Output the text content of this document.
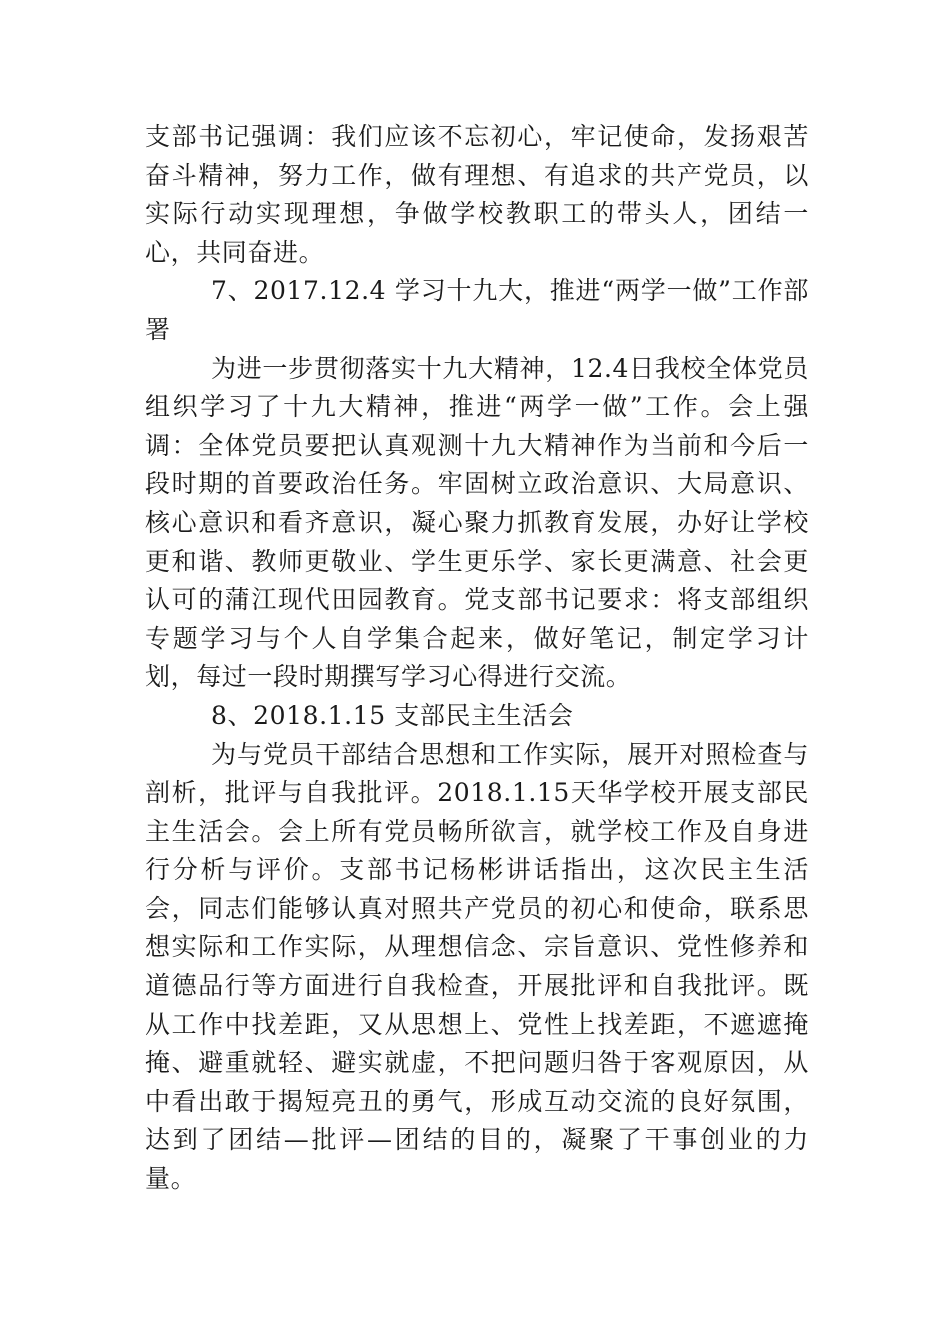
支部书记强调：我们应该不忘初心，牢记使命，发扬艰苦奋斗精神，努力工作，做有理想、有追求的共产党员，以实际行动实现理想，争做学校教职工的带头人，团结一心，共同奋进。

7、2017.12.4 学习十九大，推进“两学一做”工作部署

为进一步贯彻落实十九大精神，12.4日我校全体党员组织学习了十九大精神，推进“两学一做”工作。会上强调：全体党员要把认真观测十九大精神作为当前和今后一段时期的首要政治任务。牢固树立政治意识、大局意识、核心意识和看齐意识，凝心聚力抓教育发展，办好让学校更和谐、教师更敬业、学生更乐学、家长更满意、社会更认可的蒲江现代田园教育。党支部书记要求：将支部组织专题学习与个人自学集合起来，做好笔记，制定学习计划，每过一段时期撰写学习心得进行交流。

8、2018.1.15 支部民主生活会

为与党员干部结合思想和工作实际，展开对照检查与剖析，批评与自我批评。2018.1.15天华学校开展支部民主生活会。会上所有党员畅所欲言，就学校工作及自身进行分析与评价。支部书记杨彬讲话指出，这次民主生活会，同志们能够认真对照共产党员的初心和使命，联系思想实际和工作实际，从理想信念、宗旨意识、党性修养和道德品行等方面进行自我检查，开展批评和自我批评。既从工作中找差距，又从思想上、党性上找差距，不遮遮掩掩、避重就轻、避实就虚，不把问题归咎于客观原因，从中看出敢于揭短亮丑的勇气，形成互动交流的良好氛围，达到了团结—批评—团结的目的，凝聚了干事创业的力量。
